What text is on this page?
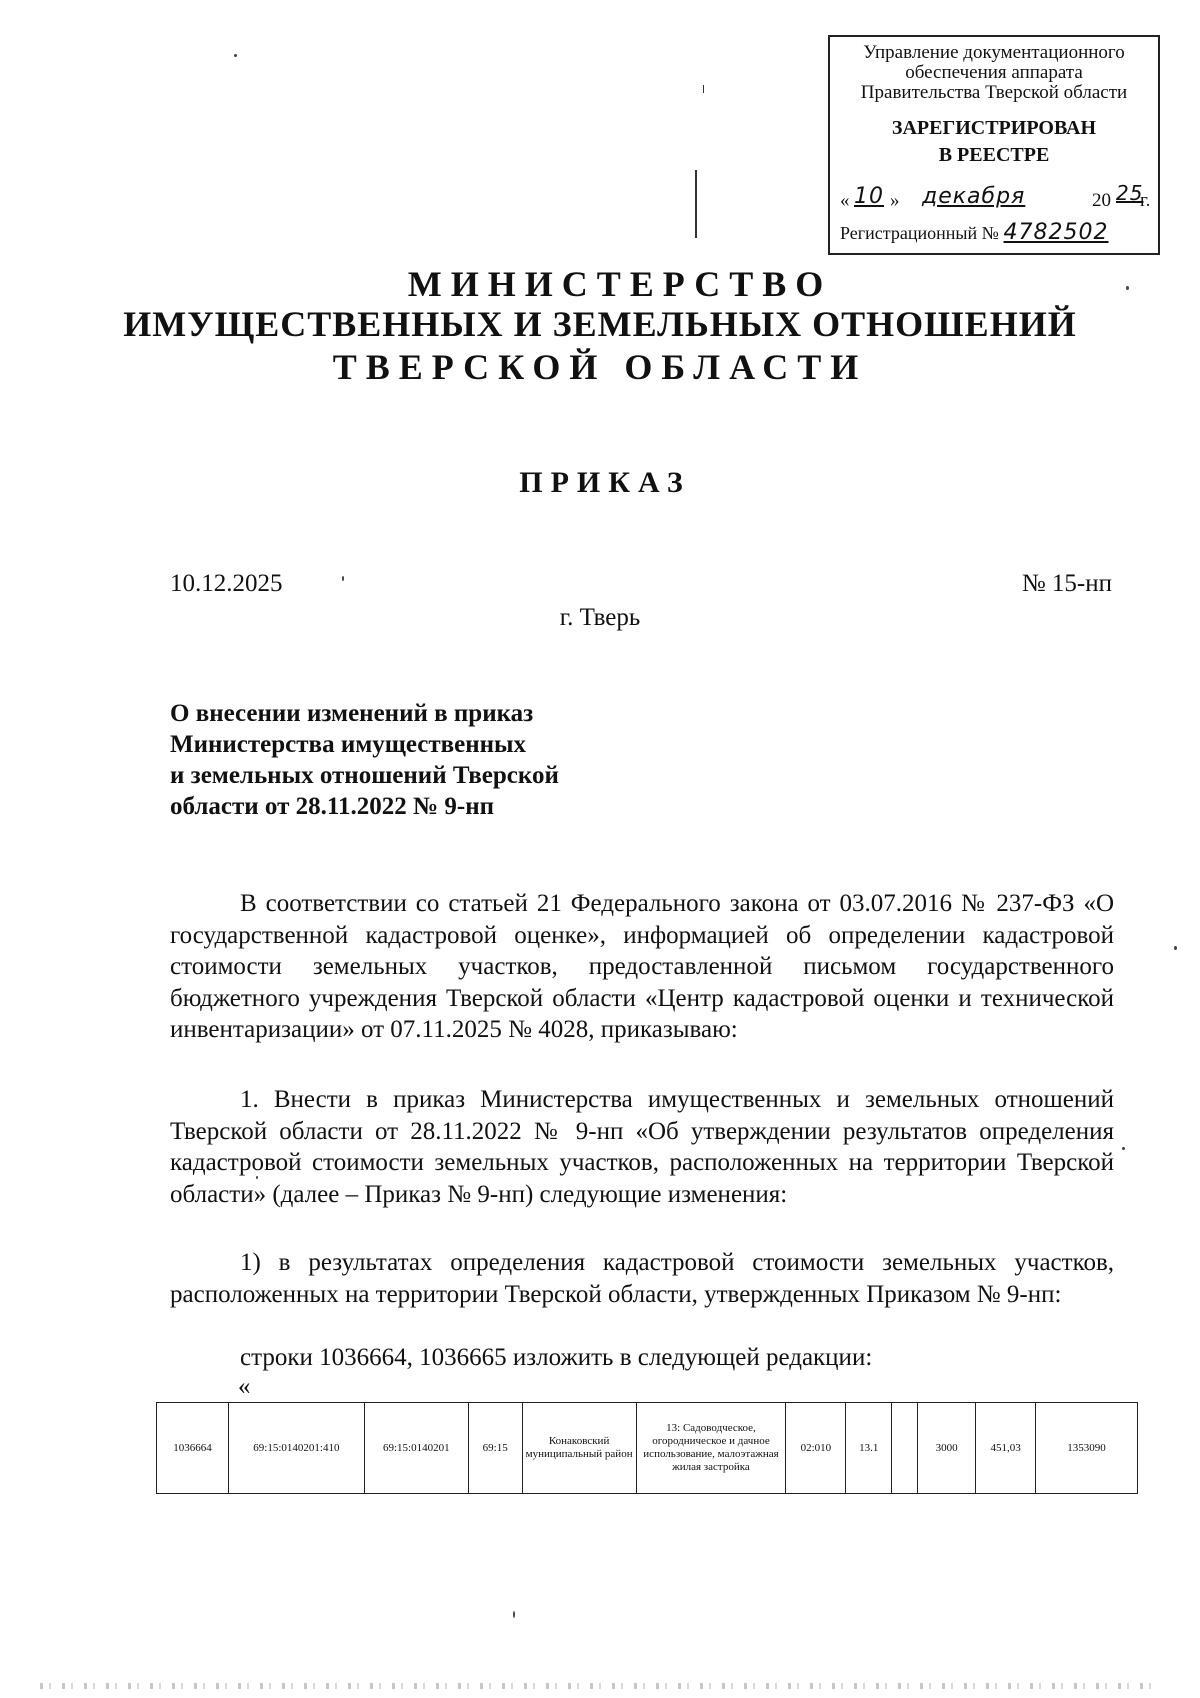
Управление документационного
обеспечения аппарата
Правительства Тверской области
ЗАРЕГИСТРИРОВАН
В РЕЕСТРЕ
« 10 » декабря	20 25
г.
Регистрационный № 4782502
МИНИСТЕРСТВО
ИМУЩЕСТВЕННЫХ И ЗЕМЕЛЬНЫХ ОТНОШЕНИЙ
ТВЕРСКОЙ ОБЛАСТИ
ПРИКАЗ
10.12.2025	№ 15-нп
г. Тверь
О внесении изменений в приказ
Министерства имущественных
и земельных отношений Тверской
области от 28.11.2022 № 9-нп

В соответствии со статьей 21 Федерального закона от 03.07.2016 № 237-ФЗ «О государственной кадастровой оценке», информацией об определении кадастровой стоимости земельных участков, предоставленной письмом государственного бюджетного учреждения Тверской области «Центр кадастровой оценки и технической инвентаризации» от 07.11.2025 № 4028, приказываю:

1. Внести в приказ Министерства имущественных и земельных отношений Тверской области от 28.11.2022 № 9-нп «Об утверждении результатов определения кадастровой стоимости земельных участков, расположенных на территории Тверской области» (далее – Приказ № 9-нп) следующие изменения:

1) в результатах определения кадастровой стоимости земельных участков, расположенных на территории Тверской области, утвержденных Приказом № 9-нп:

строки 1036664, 1036665 изложить в следующей редакции:

«
1036664	69:15:0140201:410	69:15:0140201	69:15	Конаковский муниципальный район	13: Садоводческое, огородническое и дачное использование, малоэтажная жилая застройка	02:010	13.1		3000	451,03	1353090
